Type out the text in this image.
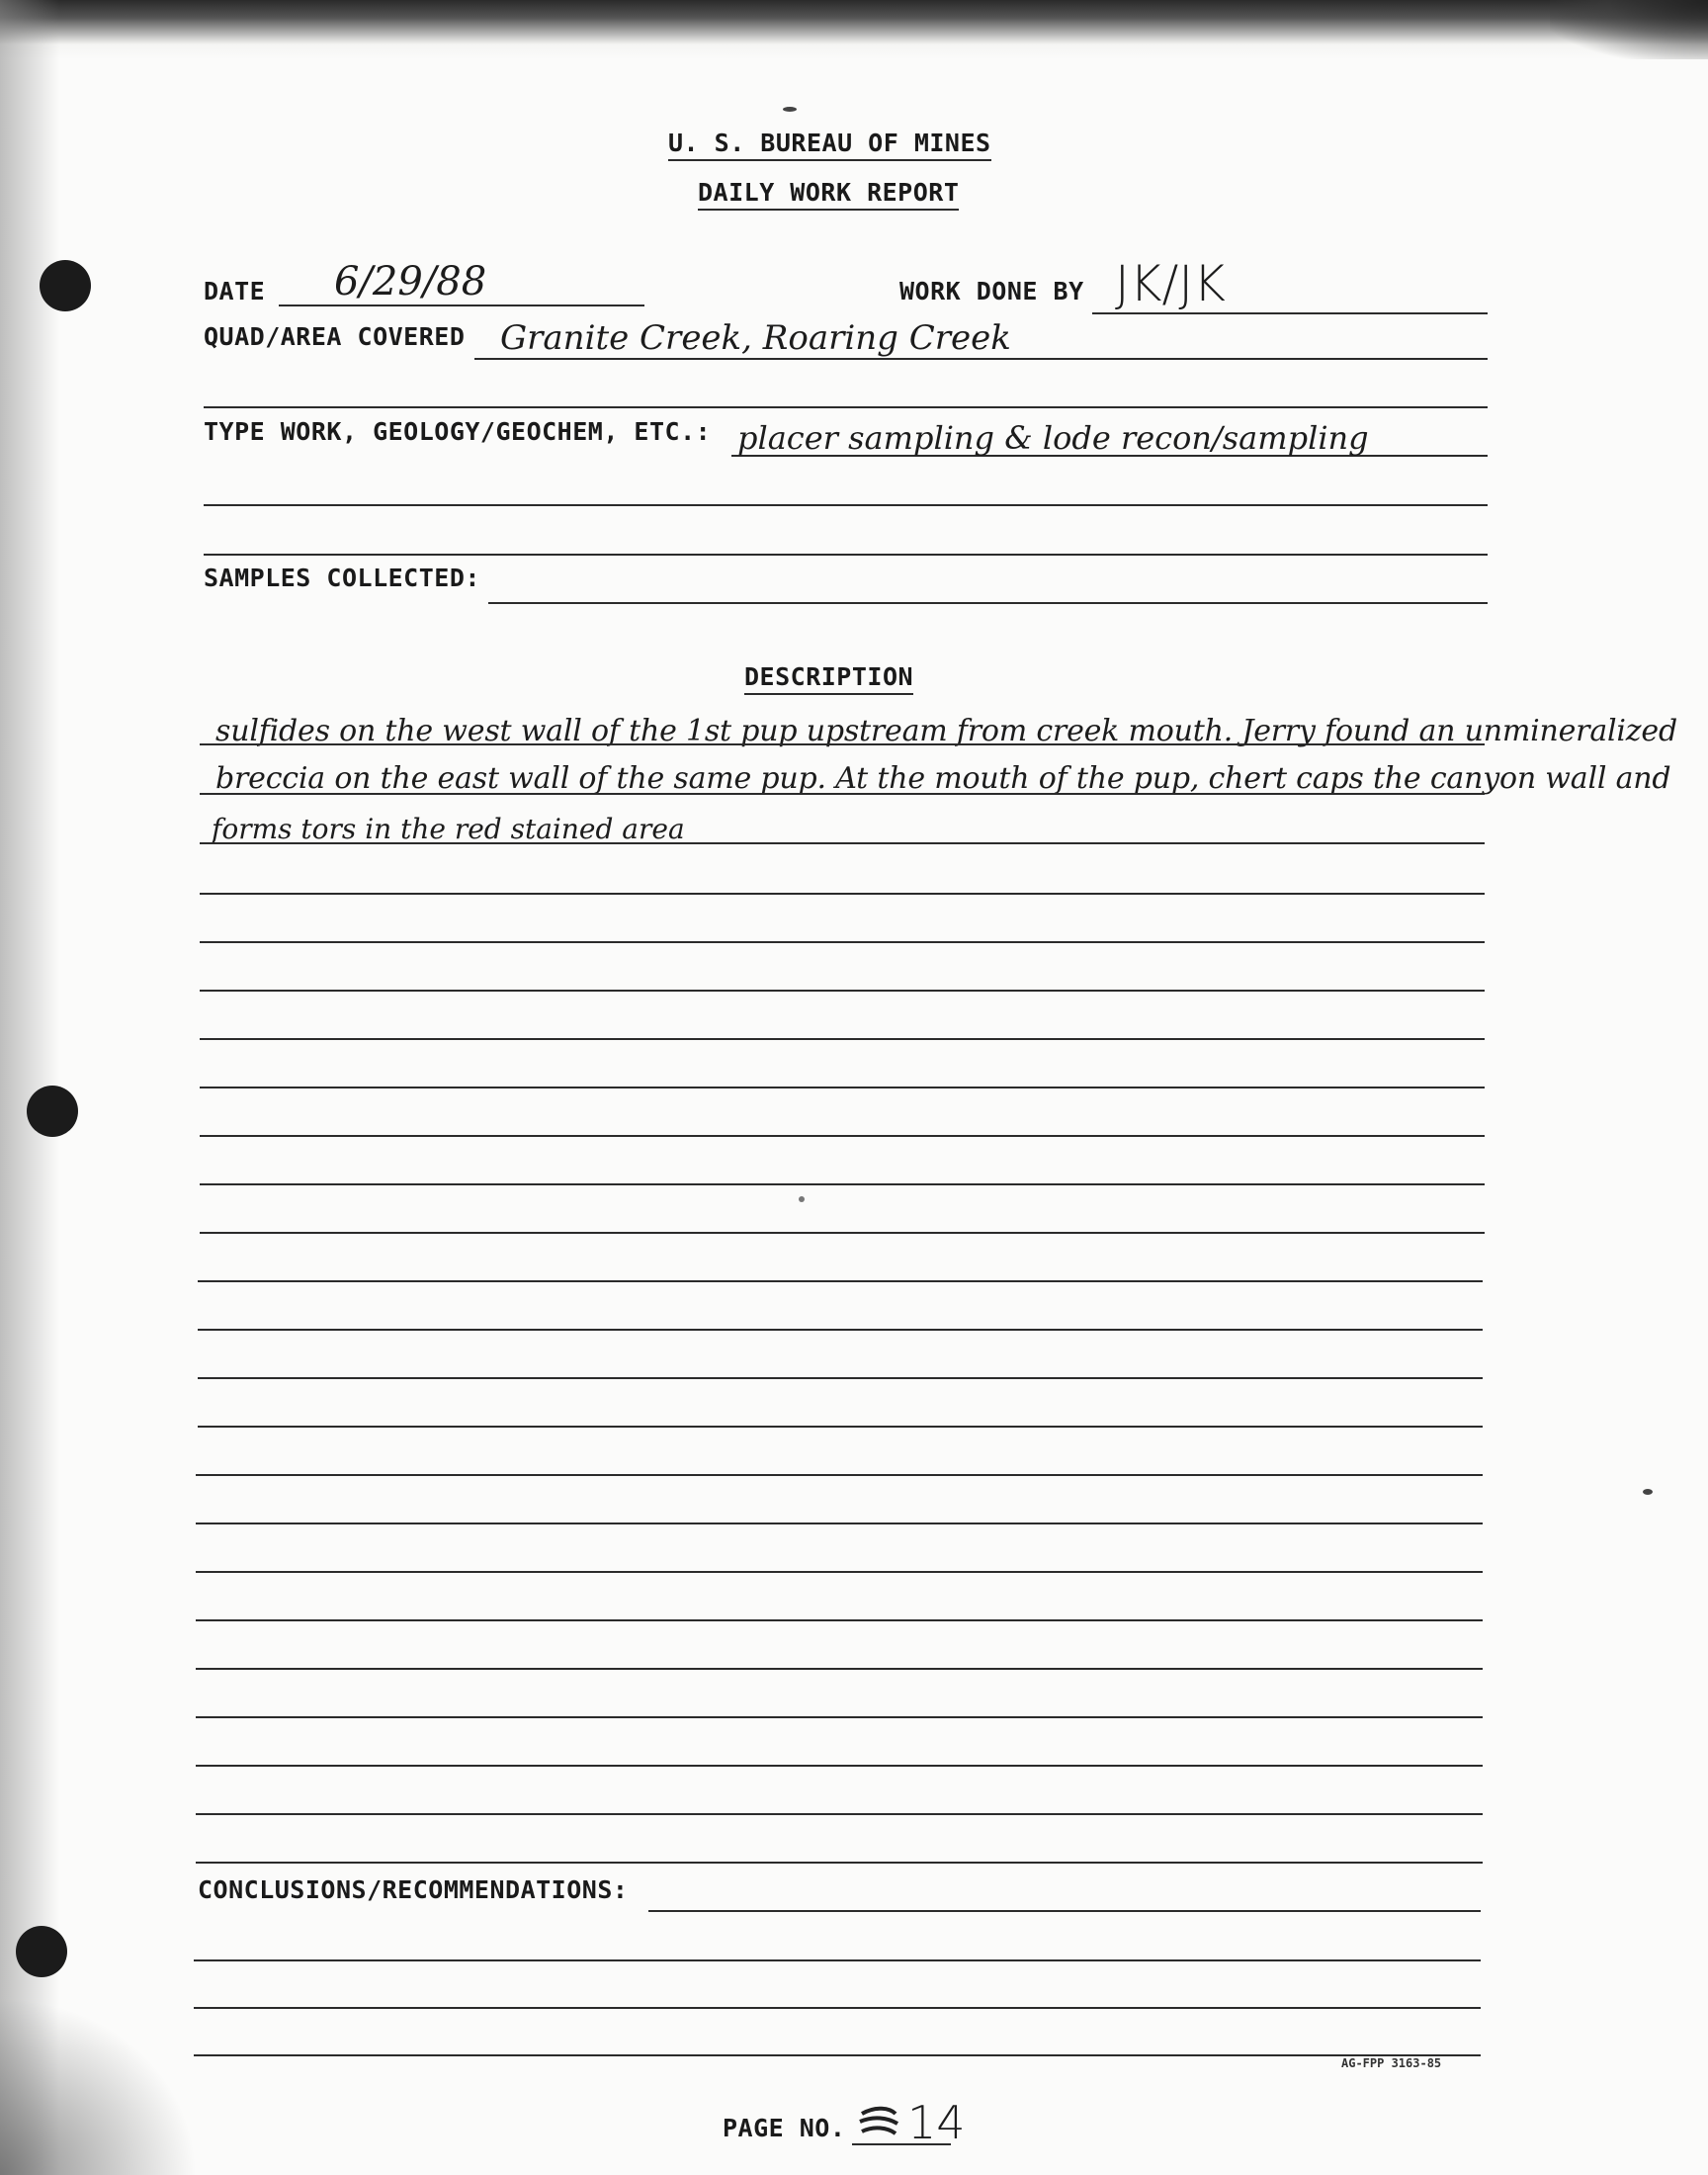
U. S. BUREAU OF MINES
DAILY WORK REPORT
DATE 6/29/88	WORK DONE BY JK/JK
QUAD/AREA COVERED Granite Creek, Roaring Creek
TYPE WORK, GEOLOGY/GEOCHEM, ETC.: placer sampling & lode recon/sampling
SAMPLES COLLECTED:
DESCRIPTION
sulfides on the west wall of the 1st pup upstream from creek mouth. Jerry found an unmineralized
breccia on the east wall of the same pup. At the mouth of the pup, chert caps the canyon wall and
forms tors in the red stained area
CONCLUSIONS/RECOMMENDATIONS:
AG-FPP 3163-85
PAGE NO. 14
